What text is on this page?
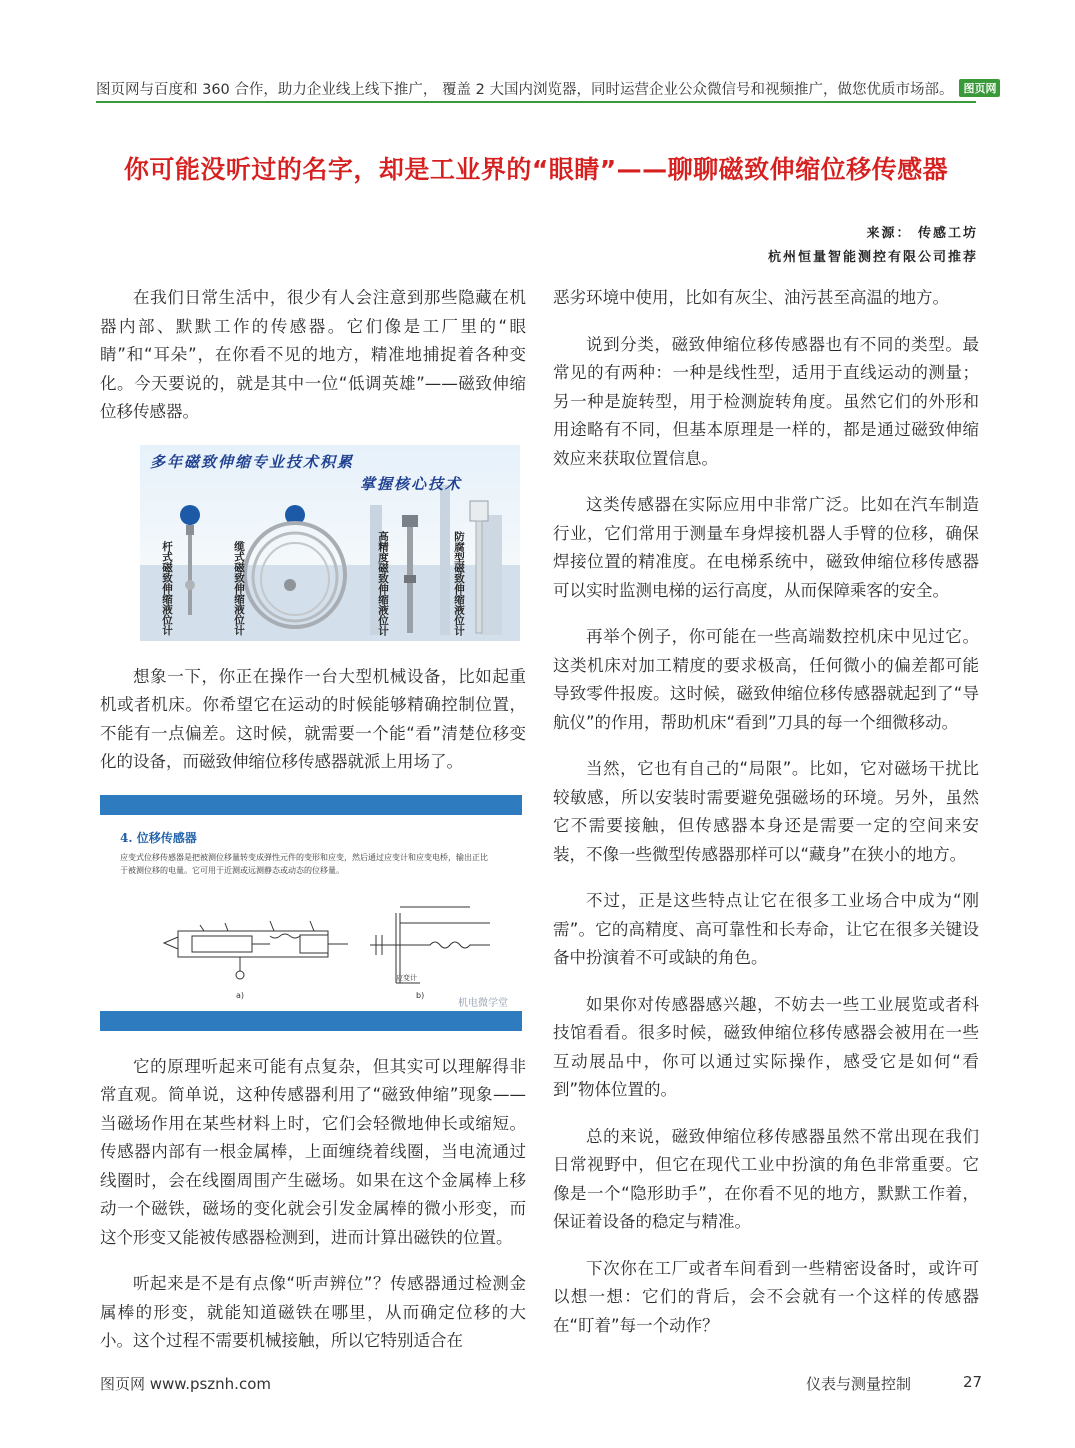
图页网与百度和 360 合作，助力企业线上线下推广， 覆盖 2 大国内浏览器，同时运营企业公众微信号和视频推广，做您优质市场部。 图页网
你可能没听过的名字，却是工业界的“眼睛”——聊聊磁致伸缩位移传感器
来源： 传感工坊
杭州恒量智能测控有限公司推荐

在我们日常生活中，很少有人会注意到那些隐藏在机器内部、默默工作的传感器。它们像是工厂里的“眼睛”和“耳朵”，在你看不见的地方，精准地捕捉着各种变化。今天要说的，就是其中一位“低调英雄”——磁致伸缩位移传感器。

多年磁致伸缩专业技术积累
掌握核心技术
杆式磁致伸缩液位计	缆式磁致伸缩液位计	高精度磁致伸缩液位计	防腐型磁致伸缩液位计

想象一下，你正在操作一台大型机械设备，比如起重机或者机床。你希望它在运动的时候能够精确控制位置，不能有一点偏差。这时候，就需要一个能“看”清楚位移变化的设备，而磁致伸缩位移传感器就派上用场了。

4. 位移传感器
应变式位移传感器是把被测位移量转变成弹性元件的变形和应变，然后通过应变计和应变电桥，输出正比于被测位移的电量。它可用于近测或远测静态或动态的位移量。
a)	b)
应变计
机电微学堂

它的原理听起来可能有点复杂，但其实可以理解得非常直观。简单说，这种传感器利用了“磁致伸缩”现象——当磁场作用在某些材料上时，它们会轻微地伸长或缩短。传感器内部有一根金属棒，上面缠绕着线圈，当电流通过线圈时，会在线圈周围产生磁场。如果在这个金属棒上移动一个磁铁，磁场的变化就会引发金属棒的微小形变，而这个形变又能被传感器检测到，进而计算出磁铁的位置。

听起来是不是有点像“听声辨位”？传感器通过检测金属棒的形变，就能知道磁铁在哪里，从而确定位移的大小。这个过程不需要机械接触，所以它特别适合在

恶劣环境中使用，比如有灰尘、油污甚至高温的地方。

说到分类，磁致伸缩位移传感器也有不同的类型。最常见的有两种：一种是线性型，适用于直线运动的测量；另一种是旋转型，用于检测旋转角度。虽然它们的外形和用途略有不同，但基本原理是一样的，都是通过磁致伸缩效应来获取位置信息。

这类传感器在实际应用中非常广泛。比如在汽车制造行业，它们常用于测量车身焊接机器人手臂的位移，确保焊接位置的精准度。在电梯系统中，磁致伸缩位移传感器可以实时监测电梯的运行高度，从而保障乘客的安全。

再举个例子，你可能在一些高端数控机床中见过它。这类机床对加工精度的要求极高，任何微小的偏差都可能导致零件报废。这时候，磁致伸缩位移传感器就起到了“导航仪”的作用，帮助机床“看到”刀具的每一个细微移动。

当然，它也有自己的“局限”。比如，它对磁场干扰比较敏感，所以安装时需要避免强磁场的环境。另外，虽然它不需要接触，但传感器本身还是需要一定的空间来安装，不像一些微型传感器那样可以“藏身”在狭小的地方。

不过，正是这些特点让它在很多工业场合中成为“刚需”。它的高精度、高可靠性和长寿命，让它在很多关键设备中扮演着不可或缺的角色。

如果你对传感器感兴趣，不妨去一些工业展览或者科技馆看看。很多时候，磁致伸缩位移传感器会被用在一些互动展品中，你可以通过实际操作，感受它是如何“看到”物体位置的。

总的来说，磁致伸缩位移传感器虽然不常出现在我们日常视野中，但它在现代工业中扮演的角色非常重要。它像是一个“隐形助手”，在你看不见的地方，默默工作着，保证着设备的稳定与精准。

下次你在工厂或者车间看到一些精密设备时，或许可以想一想：它们的背后，会不会就有一个这样的传感器在“盯着”每一个动作？

图页网 www.psznh.com	仪表与测量控制	27
